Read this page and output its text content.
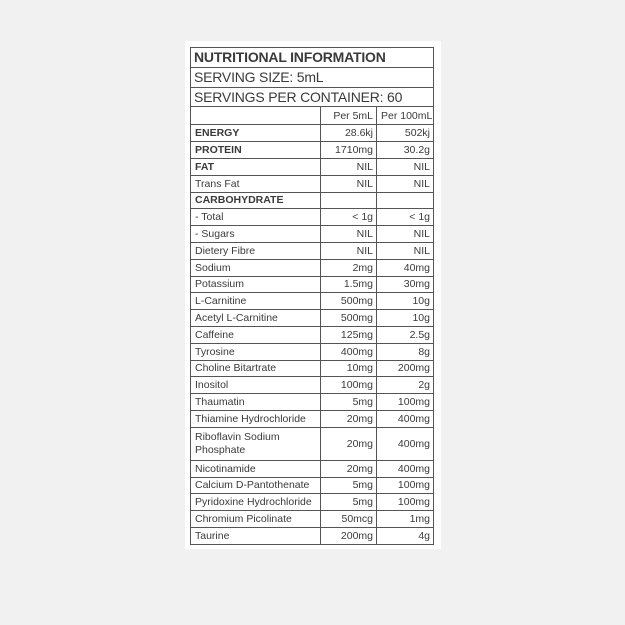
NUTRITIONAL INFORMATION		
SERVING SIZE: 5mL		
SERVINGS PER CONTAINER: 60		
	Per 5mL	Per 100mL
ENERGY	28.6kj	502kj
PROTEIN	1710mg	30.2g
FAT	NIL	NIL
Trans Fat	NIL	NIL
CARBOHYDRATE		
- Total	< 1g	< 1g
- Sugars	NIL	NIL
Dietery Fibre	NIL	NIL
Sodium	2mg	40mg
Potassium	1.5mg	30mg
L-Carnitine	500mg	10g
Acetyl L-Carnitine	500mg	10g
Caffeine	125mg	2.5g
Tyrosine	400mg	8g
Choline Bitartrate	10mg	200mg
Inositol	100mg	2g
Thaumatin	5mg	100mg
Thiamine Hydrochloride	20mg	400mg
Riboflavin Sodium Phosphate	20mg	400mg
Nicotinamide	20mg	400mg
Calcium D-Pantothenate	5mg	100mg
Pyridoxine Hydrochloride	5mg	100mg
Chromium Picolinate	50mcg	1mg
Taurine	200mg	4g
